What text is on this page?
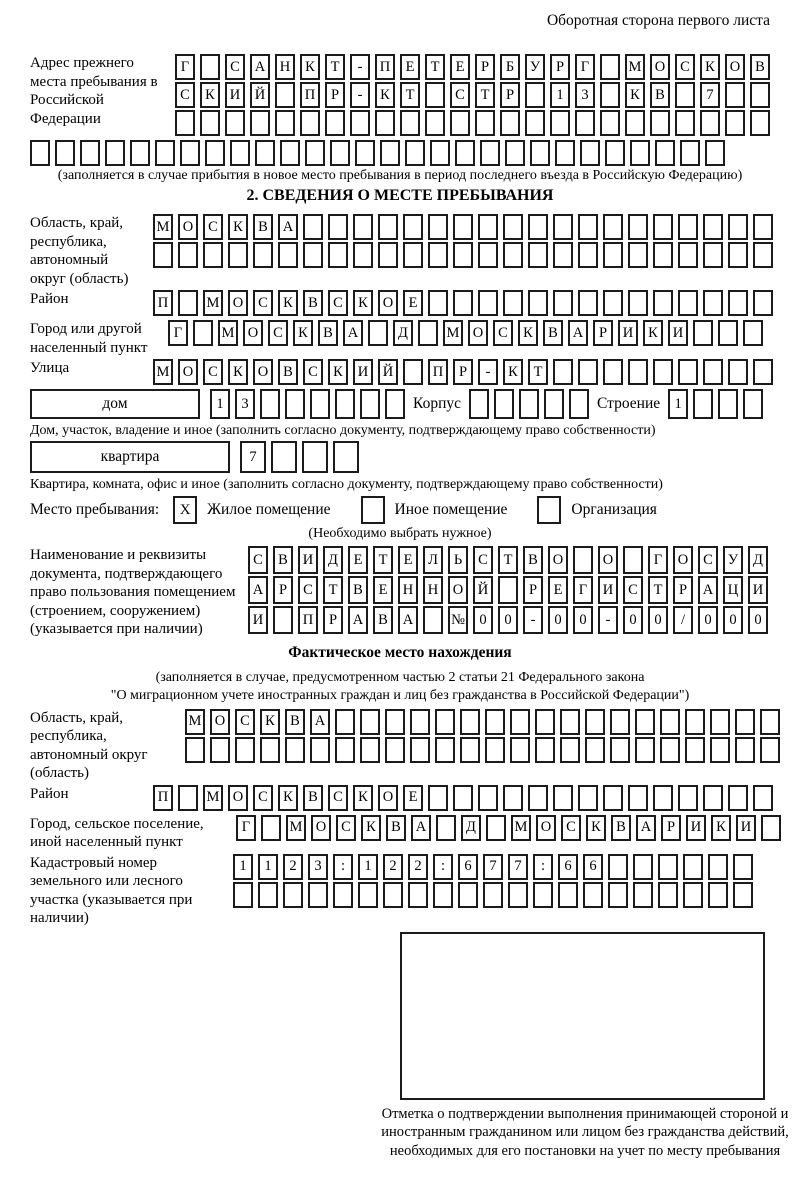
Оборотная сторона первого листа
Адрес прежнего места пребывания в Российской Федерации
Г	С	А	Н	К	Т	-	П	Е	Т	Е	Р	Б	У	Р	Г	М О	С	К	О	В
С	К	И	Й	П	Р	-	К	Т	С	Т	Р	1	3	К	В	7
(заполняется в случае прибытия в новое место пребывания в период последнего въезда в Российскую Федерацию)
2. СВЕДЕНИЯ О МЕСТЕ ПРЕБЫВАНИЯ
Область, край, республика, автономный округ (область)
М О	С	К	В	А
Район	П	М О	С	К	В	С	К	О	Е
Город или другой населенный пункт
Г	М О	С	К	В	А	Д	М О	С	К	В	А	Р	И	К	И
Улица	М О	С	К	О	В	С	К	И	Й	П	Р	-	К	Т
дом	1	3	Корпус	Строение 1
Дом, участок, владение и иное (заполнить согласно документу, подтверждающему право собственности)
квартира	7
Квартира, комната, офис и иное (заполнить согласно документу, подтверждающему право собственности)
Место пребывания:	X	Жилое помещение	Иное помещение	Организация
(Необходимо выбрать нужное)
Наименование и реквизиты документа, подтверждающего право пользования помещением (строением, сооружением) (указывается при наличии)
С	В	И	Д	Е	Т	Е	Л	Ь	С	Т	В	О	О	Г	О	С	У	Д
А	Р	С	Т	В	Е	Н	Н	О	Й	Р	Е	Г	И	С	Т	Р	А	Ц	И
И	П	Р	А	В	А	№ 0	0	-	0	0	-	0	0	/	0	0	0
Фактическое место нахождения
(заполняется в случае, предусмотренном частью 2 статьи 21 Федерального закона
"О миграционном учете иностранных граждан и лиц без гражданства в Российской Федерации")
Область, край, республика, автономный округ (область)
М О	С	К	В	А
Район	П	М О	С	К	В	С	К	О	Е
Город, сельское поселение, иной населенный пункт
Г	М О	С	К	В	А	Д	М О	С	К	В	А	Р	И	К	И
Кадастровый номер земельного или лесного участка (указывается при наличии)
1	1	2	3	:	1	2	2	:	6	7	7	:	6	6
Отметка о подтверждении выполнения принимающей стороной и иностранным гражданином или лицом без гражданства действий, необходимых для его постановки на учет по месту пребывания
